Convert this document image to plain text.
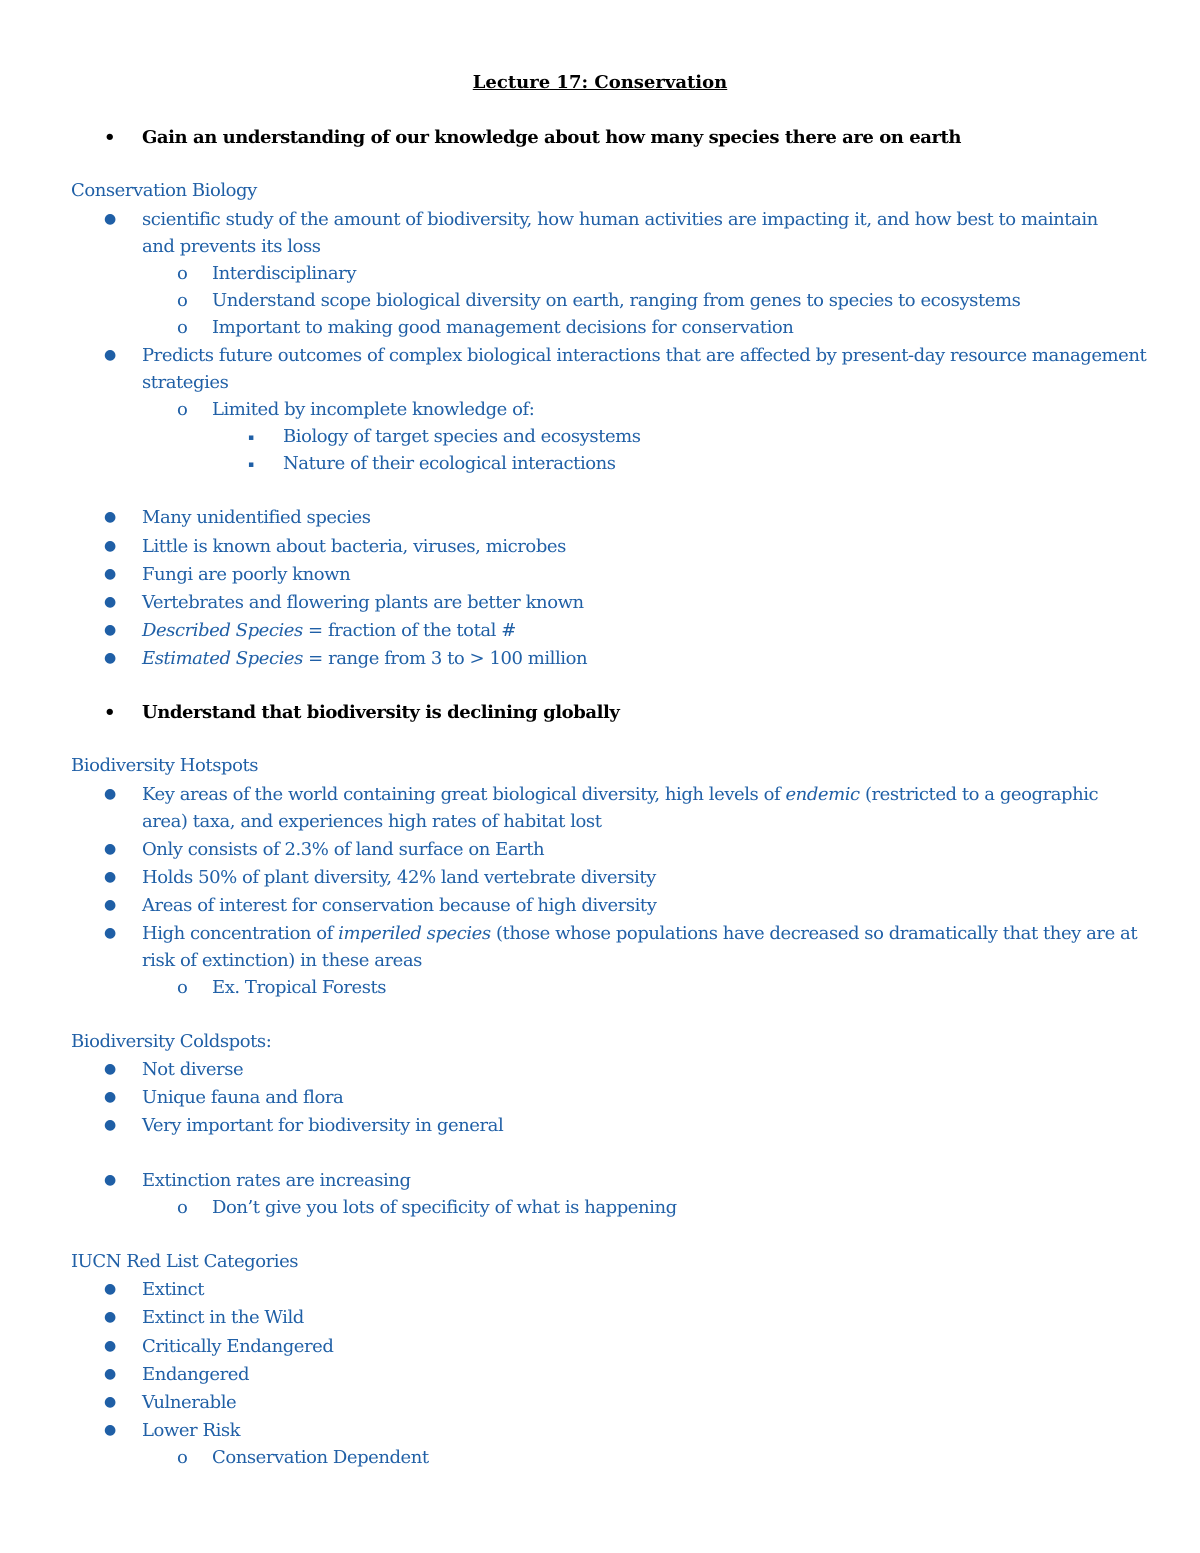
Lecture 17: Conservation
• Gain an understanding of our knowledge about how many species there are on earth
Conservation Biology
● scientific study of the amount of biodiversity, how human activities are impacting it, and how best to maintain
and prevents its loss
o Interdisciplinary
o Understand scope biological diversity on earth, ranging from genes to species to ecosystems
o Important to making good management decisions for conservation
● Predicts future outcomes of complex biological interactions that are affected by present-day resource management
strategies
o Limited by incomplete knowledge of:
▪ Biology of target species and ecosystems
▪ Nature of their ecological interactions
● Many unidentified species
● Little is known about bacteria, viruses, microbes
● Fungi are poorly known
● Vertebrates and flowering plants are better known
● Described Species = fraction of the total #
● Estimated Species = range from 3 to > 100 million
• Understand that biodiversity is declining globally
Biodiversity Hotspots
● Key areas of the world containing great biological diversity, high levels of endemic (restricted to a geographic
area) taxa, and experiences high rates of habitat lost
● Only consists of 2.3% of land surface on Earth
● Holds 50% of plant diversity, 42% land vertebrate diversity
● Areas of interest for conservation because of high diversity
● High concentration of imperiled species (those whose populations have decreased so dramatically that they are at
risk of extinction) in these areas
o Ex. Tropical Forests
Biodiversity Coldspots:
● Not diverse
● Unique fauna and flora
● Very important for biodiversity in general
● Extinction rates are increasing
o Don’t give you lots of specificity of what is happening
IUCN Red List Categories
● Extinct
● Extinct in the Wild
● Critically Endangered
● Endangered
● Vulnerable
● Lower Risk
o Conservation Dependent
